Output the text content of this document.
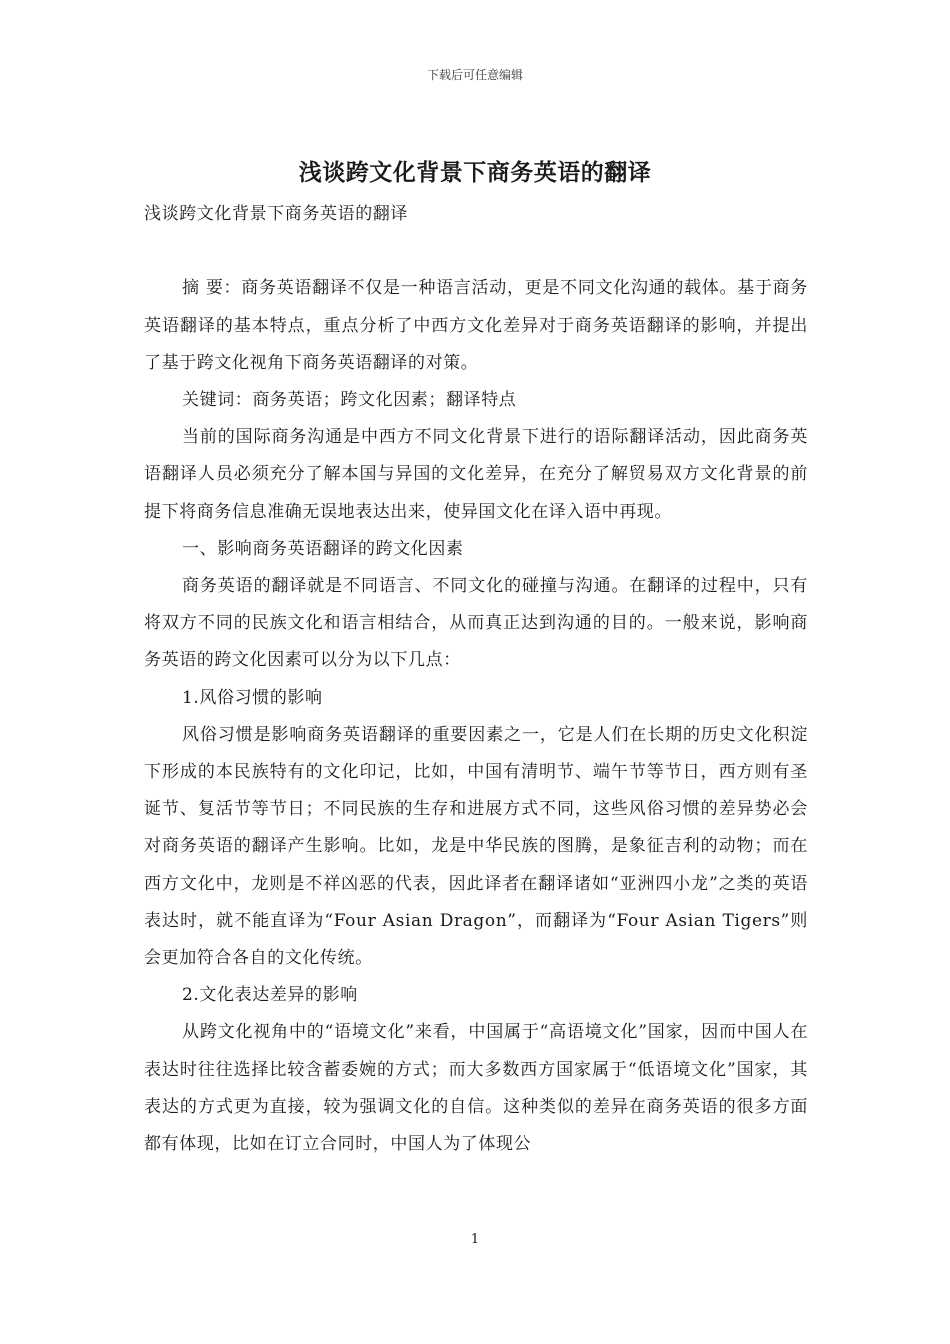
下载后可任意编辑
浅谈跨文化背景下商务英语的翻译

浅谈跨文化背景下商务英语的翻译

摘 要：商务英语翻译不仅是一种语言活动，更是不同文化沟通的载体。基于商务英语翻译的基本特点，重点分析了中西方文化差异对于商务英语翻译的影响，并提出了基于跨文化视角下商务英语翻译的对策。

关键词：商务英语；跨文化因素；翻译特点

当前的国际商务沟通是中西方不同文化背景下进行的语际翻译活动，因此商务英语翻译人员必须充分了解本国与异国的文化差异，在充分了解贸易双方文化背景的前提下将商务信息准确无误地表达出来，使异国文化在译入语中再现。

一、影响商务英语翻译的跨文化因素

商务英语的翻译就是不同语言、不同文化的碰撞与沟通。在翻译的过程中，只有将双方不同的民族文化和语言相结合，从而真正达到沟通的目的。一般来说，影响商务英语的跨文化因素可以分为以下几点：

1.风俗习惯的影响

风俗习惯是影响商务英语翻译的重要因素之一，它是人们在长期的历史文化积淀下形成的本民族特有的文化印记，比如，中国有清明节、端午节等节日，西方则有圣诞节、复活节等节日；不同民族的生存和进展方式不同，这些风俗习惯的差异势必会对商务英语的翻译产生影响。比如，龙是中华民族的图腾，是象征吉利的动物；而在西方文化中，龙则是不祥凶恶的代表，因此译者在翻译诸如“亚洲四小龙”之类的英语表达时，就不能直译为“Four Asian Dragon”，而翻译为“Four Asian Tigers”则会更加符合各自的文化传统。

2.文化表达差异的影响

从跨文化视角中的“语境文化”来看，中国属于“高语境文化”国家，因而中国人在表达时往往选择比较含蓄委婉的方式；而大多数西方国家属于“低语境文化”国家，其表达的方式更为直接，较为强调文化的自信。这种类似的差异在商务英语的很多方面都有体现，比如在订立合同时，中国人为了体现公

1
